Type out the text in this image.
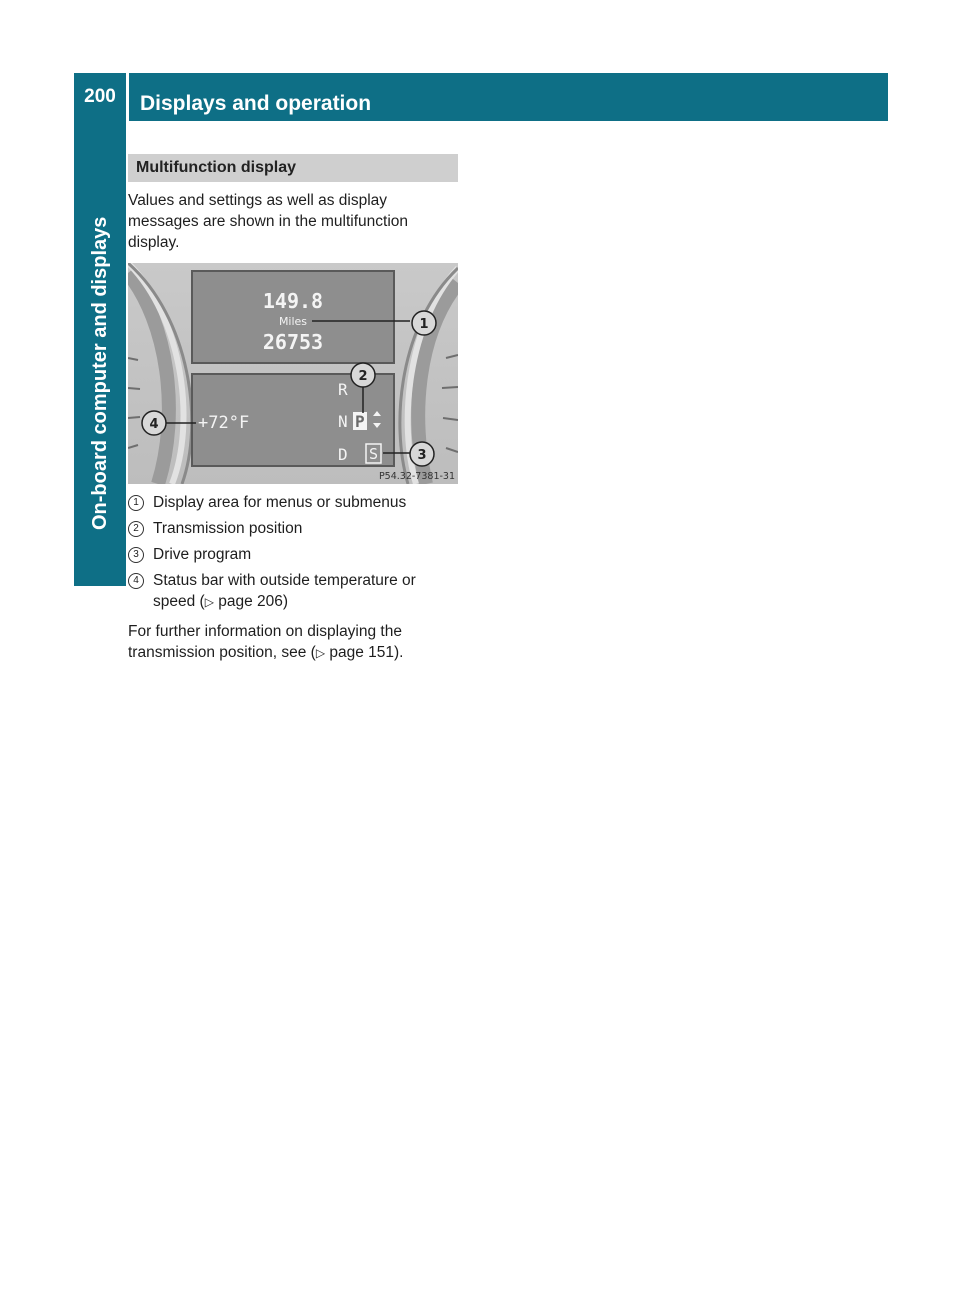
200	Displays and operation
On-board computer and displays
Multifunction display
Values and settings as well as display messages are shown in the multifunction display.
149.8
Miles
26753
+72°F
R
N P
D S
1
2
3
4
P54.32-7381-31
1 Display area for menus or submenus
2 Transmission position
3 Drive program
4 Status bar with outside temperature or speed (▷ page 206)
For further information on displaying the transmission position, see (▷ page 151).
